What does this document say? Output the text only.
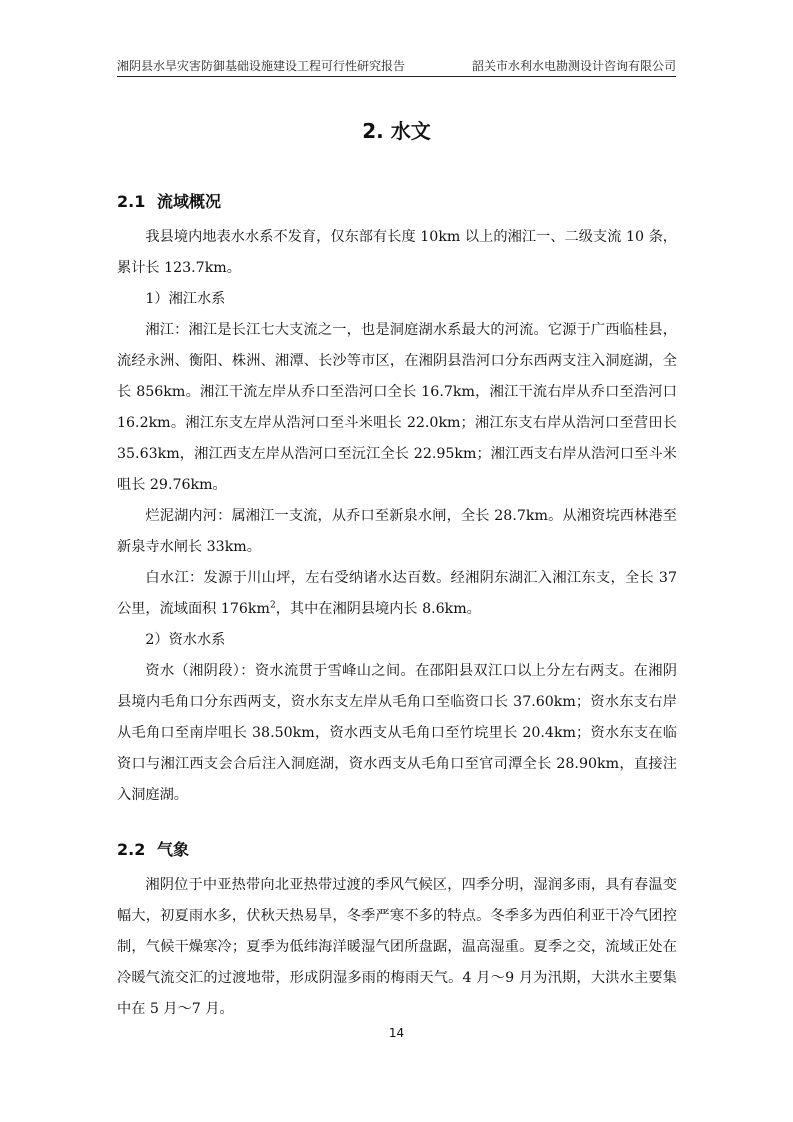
湘阴县水旱灾害防御基础设施建设工程可行性研究报告	韶关市水利水电勘测设计咨询有限公司
2. 水文
2.1 流域概况

我县境内地表水水系不发育，仅东部有长度 10km 以上的湘江一、二级支流 10 条，累计长 123.7km。

1）湘江水系

湘江：湘江是长江七大支流之一，也是洞庭湖水系最大的河流。它源于广西临桂县，流经永洲、衡阳、株洲、湘潭、长沙等市区，在湘阴县浩河口分东西两支注入洞庭湖，全长 856km。湘江干流左岸从乔口至浩河口全长 16.7km，湘江干流右岸从乔口至浩河口 16.2km。湘江东支左岸从浩河口至斗米咀长 22.0km；湘江东支右岸从浩河口至营田长 35.63km，湘江西支左岸从浩河口至沅江全长 22.95km；湘江西支右岸从浩河口至斗米咀长 29.76km。

烂泥湖内河：属湘江一支流，从乔口至新泉水闸，全长 28.7km。从湘资垸西林港至新泉寺水闸长 33km。

白水江：发源于川山坪，左右受纳诸水达百数。经湘阴东湖汇入湘江东支，全长 37 公里，流域面积 $176km^2$，其中在湘阴县境内长 8.6km。

2）资水水系

资水（湘阴段）：资水流贯于雪峰山之间。在邵阳县双江口以上分左右两支。在湘阴县境内毛角口分东西两支，资水东支左岸从毛角口至临资口长 37.60km；资水东支右岸从毛角口至南岸咀长 38.50km，资水西支从毛角口至竹垸里长 20.4km；资水东支在临资口与湘江西支会合后注入洞庭湖，资水西支从毛角口至官司潭全长 28.90km，直接注入洞庭湖。

2.2 气象

湘阴位于中亚热带向北亚热带过渡的季风气候区，四季分明，湿润多雨，具有春温变幅大，初夏雨水多，伏秋天热易旱，冬季严寒不多的特点。冬季多为西伯利亚干冷气团控制，气候干燥寒冷；夏季为低纬海洋暖湿气团所盘踞，温高湿重。夏季之交，流域正处在冷暖气流交汇的过渡地带，形成阴湿多雨的梅雨天气。4 月～9 月为汛期，大洪水主要集中在 5 月～7 月。

14
